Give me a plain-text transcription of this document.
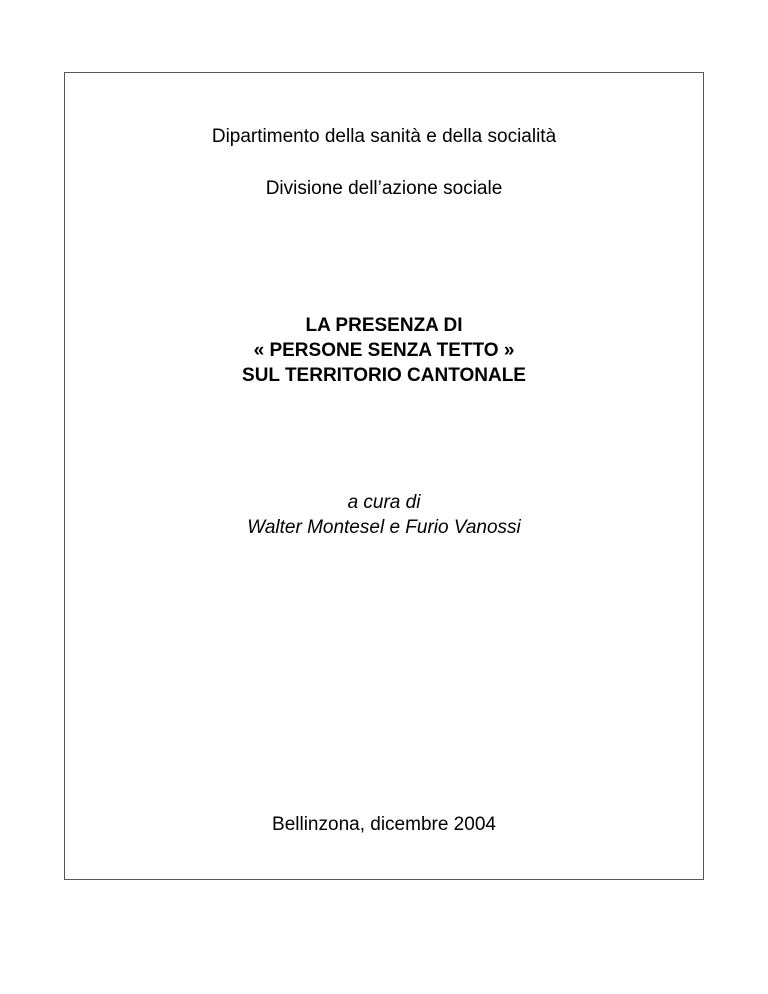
Dipartimento della sanità e della socialità
Divisione dell’azione sociale
LA PRESENZA DI
« PERSONE SENZA TETTO »
SUL TERRITORIO CANTONALE
a cura di
Walter Montesel e Furio Vanossi
Bellinzona, dicembre 2004
